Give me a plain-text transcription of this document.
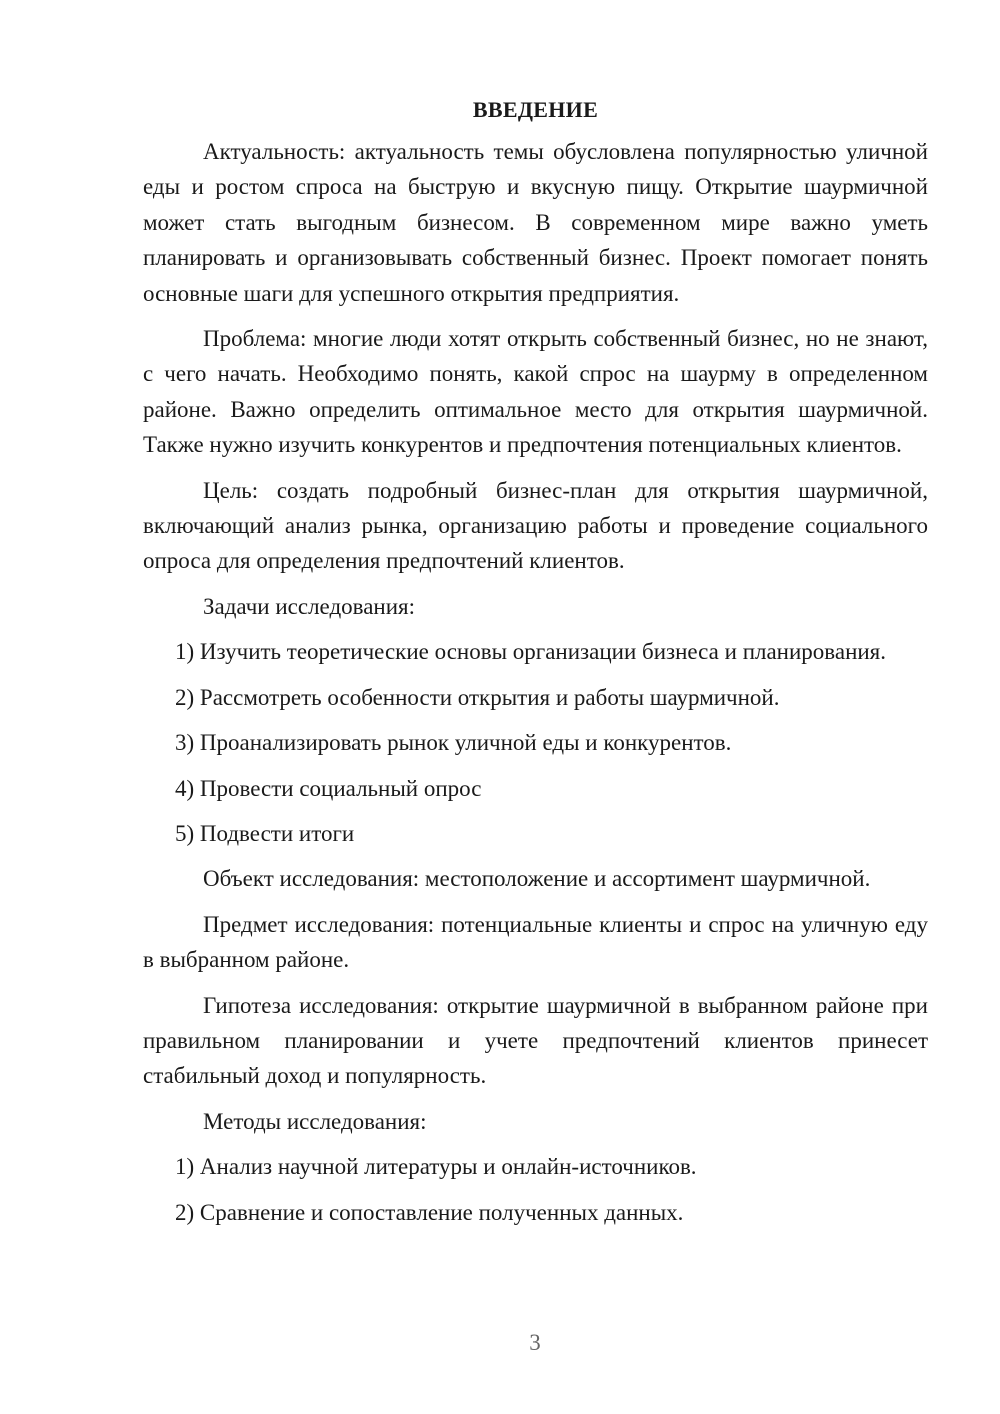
ВВЕДЕНИЕ

Актуальность: актуальность темы обусловлена популярностью уличной еды и ростом спроса на быструю и вкусную пищу. Открытие шаурмичной может стать выгодным бизнесом. В современном мире важно уметь планировать и организовывать собственный бизнес. Проект помогает понять основные шаги для успешного открытия предприятия.

Проблема: многие люди хотят открыть собственный бизнес, но не знают, с чего начать. Необходимо понять, какой спрос на шаурму в определенном районе. Важно определить оптимальное место для открытия шаурмичной. Также нужно изучить конкурентов и предпочтения потенциальных клиентов.

Цель: создать подробный бизнес-план для открытия шаурмичной, включающий анализ рынка, организацию работы и проведение социального опроса для определения предпочтений клиентов.

Задачи исследования:

1) Изучить теоретические основы организации бизнеса и планирования.

2) Рассмотреть особенности открытия и работы шаурмичной.

3) Проанализировать рынок уличной еды и конкурентов.

4) Провести социальный опрос

5) Подвести итоги

Объект исследования: местоположение и ассортимент шаурмичной.

Предмет исследования: потенциальные клиенты и спрос на уличную еду в выбранном районе.

Гипотеза исследования: открытие шаурмичной в выбранном районе при правильном планировании и учете предпочтений клиентов принесет стабильный доход и популярность.

Методы исследования:

1) Анализ научной литературы и онлайн-источников.

2) Сравнение и сопоставление полученных данных.

3
